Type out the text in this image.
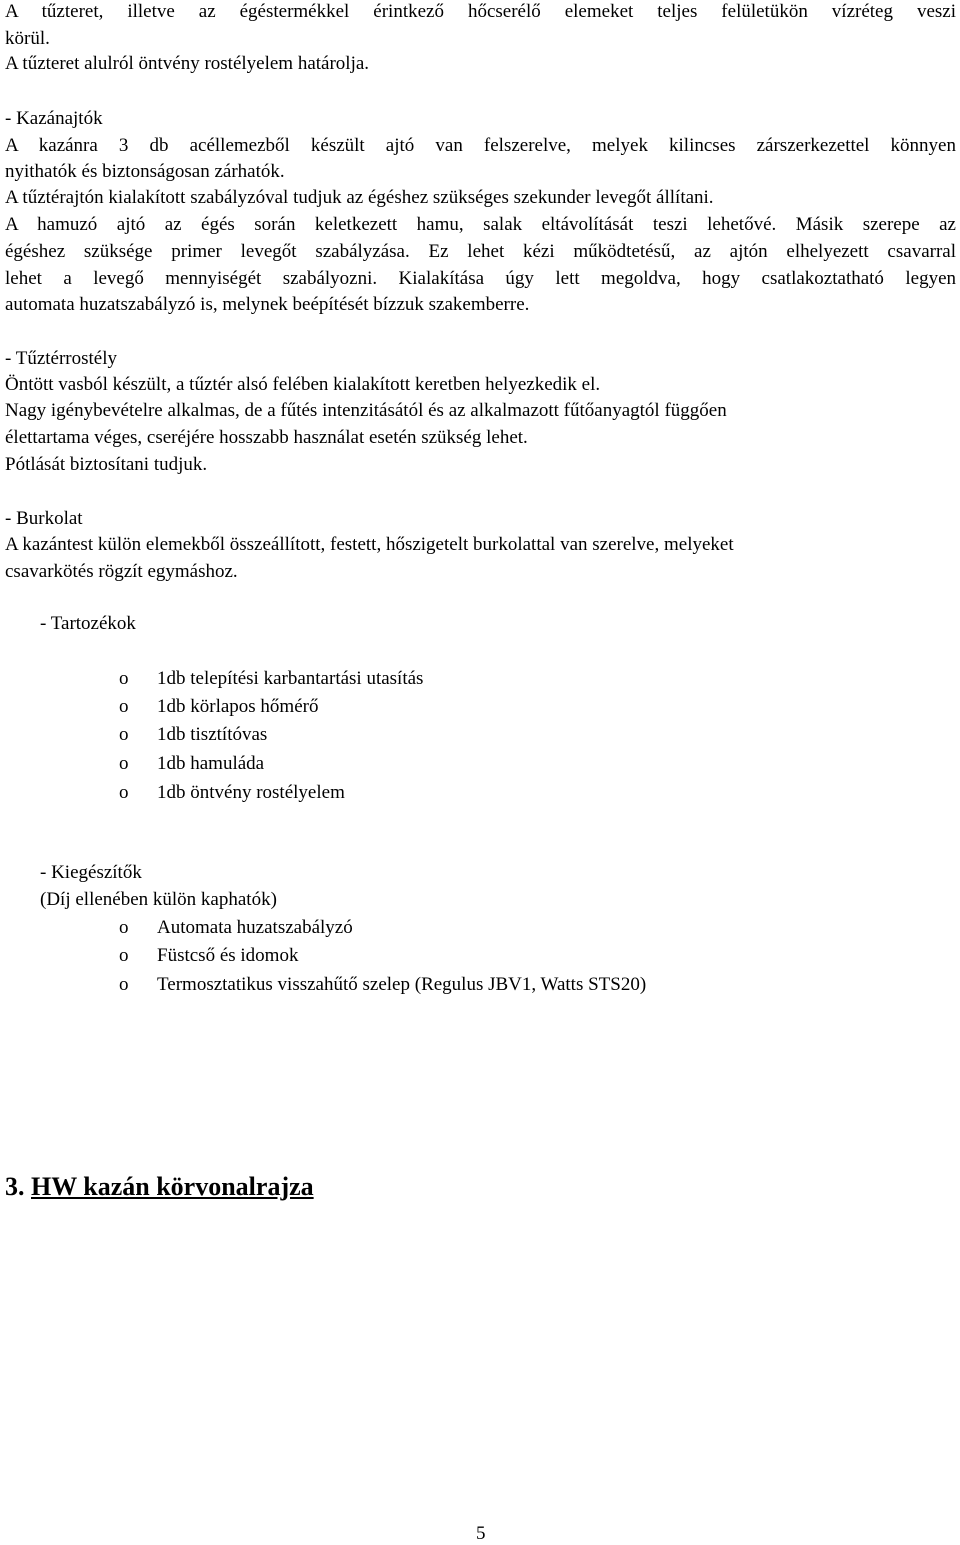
A tűzteret, illetve az égéstermékkel érintkező hőcserélő elemeket teljes felületükön vízréteg veszi
körül.
A tűzteret alulról öntvény rostélyelem határolja.
- Kazánajtók
A kazánra 3 db acéllemezből készült ajtó van felszerelve, melyek kilincses zárszerkezettel könnyen
nyithatók és biztonságosan zárhatók.
A tűztérajtón kialakított szabályzóval tudjuk az égéshez szükséges szekunder levegőt állítani.
A hamuzó ajtó az égés során keletkezett hamu, salak eltávolítását teszi lehetővé. Másik szerepe az
égéshez szüksége primer levegőt szabályzása. Ez lehet kézi működtetésű, az ajtón elhelyezett csavarral
lehet a levegő mennyiségét szabályozni. Kialakítása úgy lett megoldva, hogy csatlakoztatható legyen
automata huzatszabályzó is, melynek beépítését bízzuk szakemberre.
- Tűztérrostély
Öntött vasból készült, a tűztér alsó felében kialakított keretben helyezkedik el.
Nagy igénybevételre alkalmas, de a fűtés intenzitásától és az alkalmazott fűtőanyagtól függően
élettartama véges, cseréjére hosszabb használat esetén szükség lehet.
Pótlását biztosítani tudjuk.
- Burkolat
A kazántest külön elemekből összeállított, festett, hőszigetelt burkolattal van szerelve, melyeket
csavarkötés rögzít egymáshoz.
- Tartozékok
o 1db telepítési karbantartási utasítás
o 1db körlapos hőmérő
o 1db tisztítóvas
o 1db hamuláda
o 1db öntvény rostélyelem
- Kiegészítők
(Díj ellenében külön kaphatók)
o Automata huzatszabályzó
o Füstcső és idomok
o Termosztatikus visszahűtő szelep (Regulus JBV1, Watts STS20)
3. HW kazán körvonalrajza
5
